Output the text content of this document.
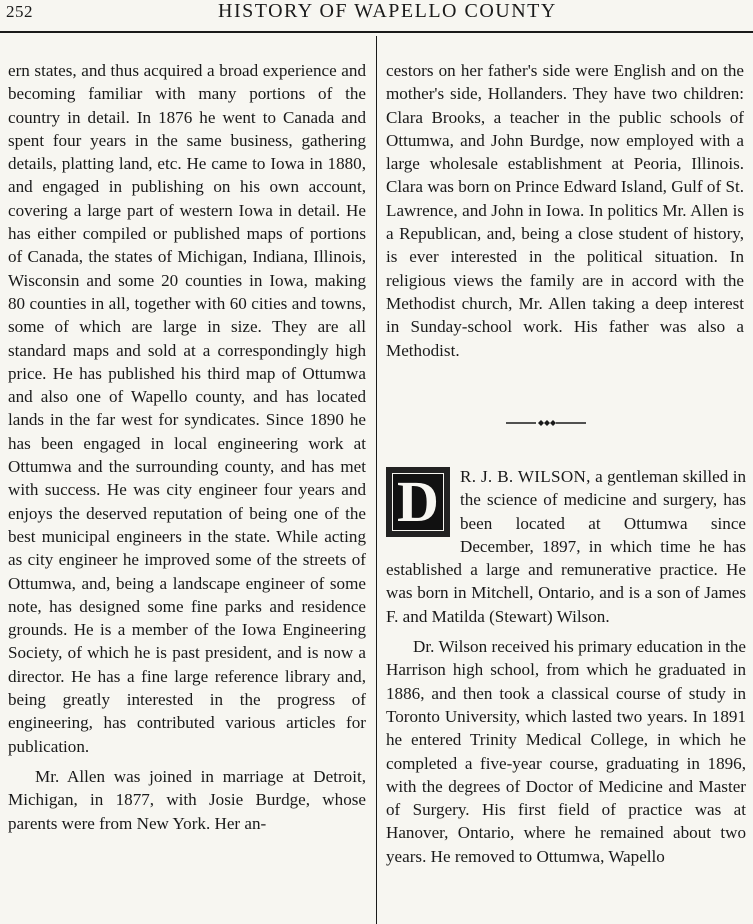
252	HISTORY OF WAPELLO COUNTY

ern states, and thus acquired a broad experience and becoming familiar with many portions of the country in detail. In 1876 he went to Canada and spent four years in the same business, gathering details, platting land, etc. He came to Iowa in 1880, and engaged in publishing on his own account, covering a large part of western Iowa in detail. He has either compiled or published maps of portions of Canada, the states of Michigan, Indiana, Illinois, Wisconsin and some 20 counties in Iowa, making 80 counties in all, together with 60 cities and towns, some of which are large in size. They are all standard maps and sold at a correspondingly high price. He has published his third map of Ottumwa and also one of Wapello county, and has located lands in the far west for syndicates. Since 1890 he has been engaged in local engineering work at Ottumwa and the surrounding county, and has met with success. He was city engineer four years and enjoys the deserved reputation of being one of the best municipal engineers in the state. While acting as city engineer he improved some of the streets of Ottumwa, and, being a landscape engineer of some note, has designed some fine parks and residence grounds. He is a member of the Iowa Engineering Society, of which he is past president, and is now a director. He has a fine large reference library and, being greatly interested in the progress of engineering, has contributed various articles for publication.

Mr. Allen was joined in marriage at Detroit, Michigan, in 1877, with Josie Burdge, whose parents were from New York. Her an-

cestors on her father's side were English and on the mother's side, Hollanders. They have two children: Clara Brooks, a teacher in the public schools of Ottumwa, and John Burdge, now employed with a large wholesale establishment at Peoria, Illinois. Clara was born on Prince Edward Island, Gulf of St. Lawrence, and John in Iowa. In politics Mr. Allen is a Republican, and, being a close student of history, is ever interested in the political situation. In religious views the family are in accord with the Methodist church, Mr. Allen taking a deep interest in Sunday-school work. His father was also a Methodist.

D R. J. B. WILSON, a gentleman skilled in the science of medicine and surgery, has been located at Ottumwa since December, 1897, in which time he has established a large and remunerative practice. He was born in Mitchell, Ontario, and is a son of James F. and Matilda (Stewart) Wilson.

Dr. Wilson received his primary education in the Harrison high school, from which he graduated in 1886, and then took a classical course of study in Toronto University, which lasted two years. In 1891 he entered Trinity Medical College, in which he completed a five-year course, graduating in 1896, with the degrees of Doctor of Medicine and Master of Surgery. His first field of practice was at Hanover, Ontario, where he remained about two years. He removed to Ottumwa, Wapello
